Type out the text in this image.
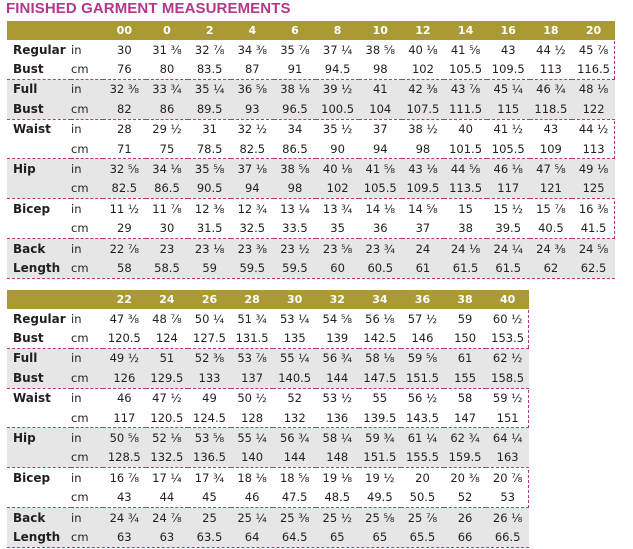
FINISHED GARMENT MEASUREMENTS
		00	0	2	4	6	8	10	12	14	16	18	20
Regular	in	30	31 ⅜	32 ⅞	34 ⅜	35 ⅞	37 ¼	38 ⅝	40 ⅛	41 ⅝	43	44 ½	45 ⅞
Bust	cm	76	80	83.5	87	91	94.5	98	102	105.5	109.5	113	116.5
Full	in	32 ⅜	33 ¾	35 ¼	36 ⅝	38 ⅛	39 ½	41	42 ⅜	43 ⅞	45 ¼	46 ¾	48 ⅛
Bust	cm	82	86	89.5	93	96.5	100.5	104	107.5	111.5	115	118.5	122
Waist	in	28	29 ½	31	32 ½	34	35 ½	37	38 ½	40	41 ½	43	44 ½
	cm	71	75	78.5	82.5	86.5	90	94	98	101.5	105.5	109	113
Hip	in	32 ⅝	34 ⅛	35 ⅝	37 ⅛	38 ⅝	40 ⅛	41 ⅝	43 ⅛	44 ⅝	46 ⅛	47 ⅝	49 ⅛
	cm	82.5	86.5	90.5	94	98	102	105.5	109.5	113.5	117	121	125
Bicep	in	11 ½	11 ⅞	12 ⅜	12 ¾	13 ¼	13 ¾	14 ⅛	14 ⅝	15	15 ½	15 ⅞	16 ⅜
	cm	29	30	31.5	32.5	33.5	35	36	37	38	39.5	40.5	41.5
Back	in	22 ⅞	23	23 ⅛	23 ⅜	23 ½	23 ⅝	23 ¾	24	24 ⅛	24 ¼	24 ⅜	24 ⅝
Length	cm	58	58.5	59	59.5	59.5	60	60.5	61	61.5	61.5	62	62.5
		22	24	26	28	30	32	34	36	38	40
Regular	in	47 ⅜	48 ⅞	50 ¼	51 ¾	53 ¼	54 ⅝	56 ⅛	57 ½	59	60 ½
Bust	cm	120.5	124	127.5	131.5	135	139	142.5	146	150	153.5
Full	in	49 ½	51	52 ⅜	53 ⅞	55 ¼	56 ¾	58 ⅛	59 ⅝	61	62 ½
Bust	cm	126	129.5	133	137	140.5	144	147.5	151.5	155	158.5
Waist	in	46	47 ½	49	50 ½	52	53 ½	55	56 ½	58	59 ½
	cm	117	120.5	124.5	128	132	136	139.5	143.5	147	151
Hip	in	50 ⅝	52 ⅛	53 ⅝	55 ¼	56 ¾	58 ¼	59 ¾	61 ¼	62 ¾	64 ¼
	cm	128.5	132.5	136.5	140	144	148	151.5	155.5	159.5	163
Bicep	in	16 ⅞	17 ¼	17 ¾	18 ⅛	18 ⅝	19 ⅛	19 ½	20	20 ⅜	20 ⅞
	cm	43	44	45	46	47.5	48.5	49.5	50.5	52	53
Back	in	24 ¾	24 ⅞	25	25 ¼	25 ⅜	25 ½	25 ⅝	25 ⅞	26	26 ⅛
Length	cm	63	63	63.5	64	64.5	65	65	65.5	66	66.5
